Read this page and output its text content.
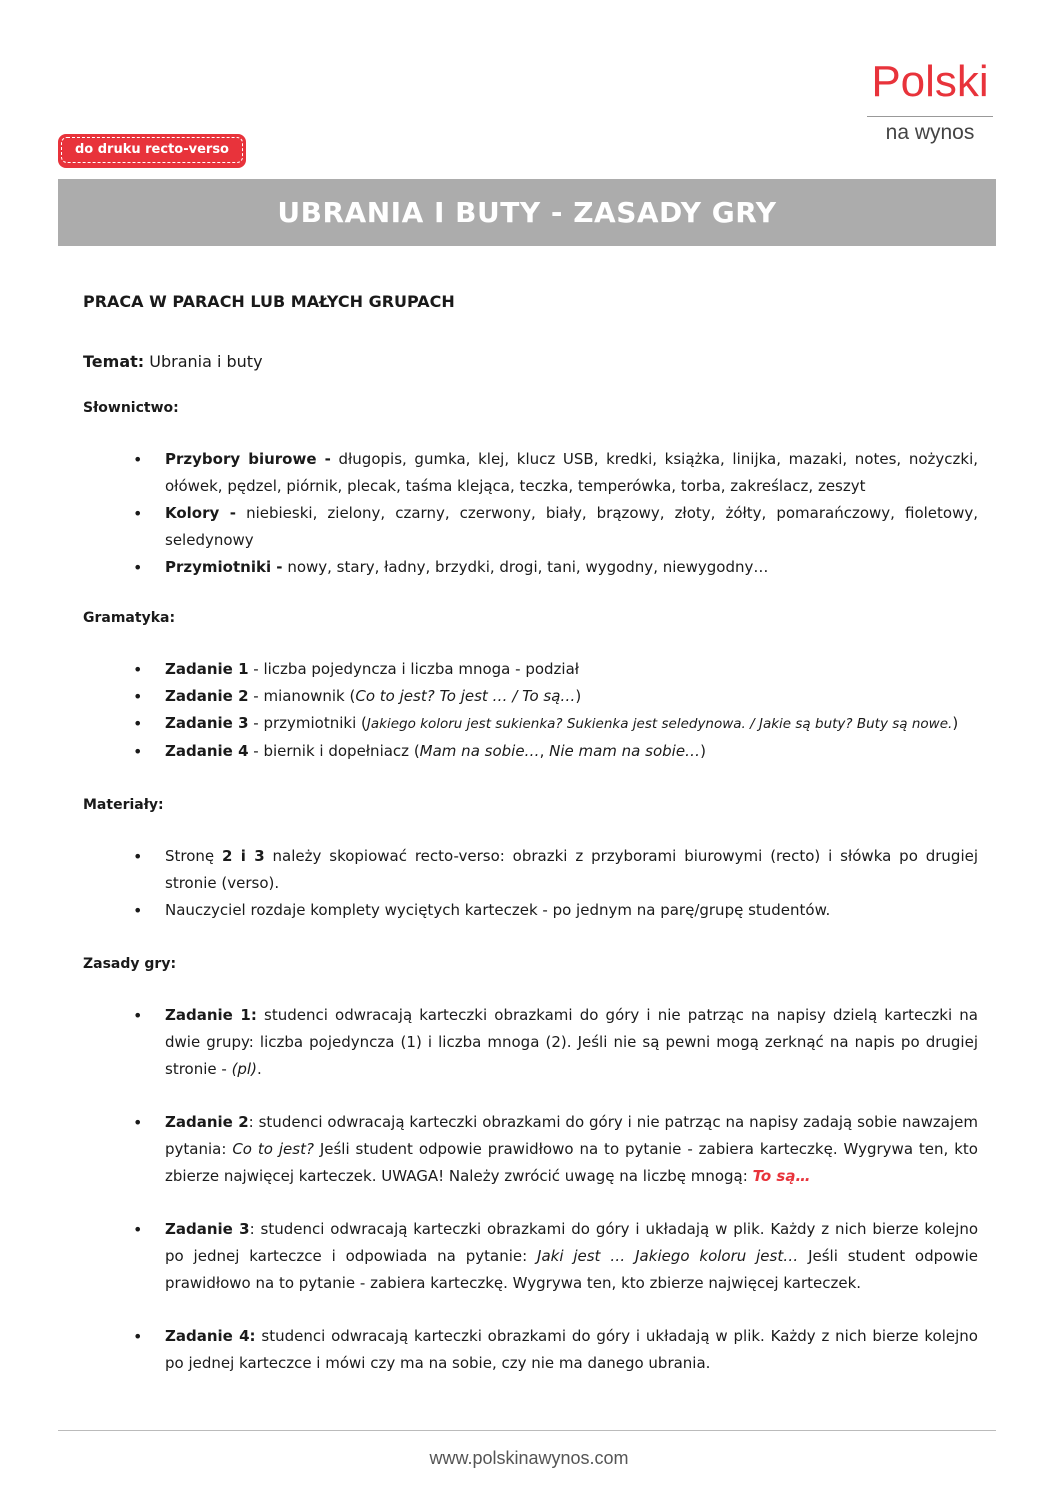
Polski
na wynos
do druku recto-verso
UBRANIA I BUTY - ZASADY GRY

PRACA W PARACH LUB MAŁYCH GRUPACH

Temat: Ubrania i buty

Słownictwo:

• Przybory biurowe - długopis, gumka, klej, klucz USB, kredki, książka, linijka, mazaki, notes, nożyczki, ołówek, pędzel, piórnik, plecak, taśma klejąca, teczka, temperówka, torba, zakreślacz, zeszyt
• Kolory - niebieski, zielony, czarny, czerwony, biały, brązowy, złoty, żółty, pomarańczowy, fioletowy, seledynowy
• Przymiotniki - nowy, stary, ładny, brzydki, drogi, tani, wygodny, niewygodny…

Gramatyka:

• Zadanie 1 - liczba pojedyncza i liczba mnoga - podział
• Zadanie 2 - mianownik (Co to jest? To jest … / To są…)
• Zadanie 3 - przymiotniki (Jakiego koloru jest sukienka? Sukienka jest seledynowa. / Jakie są buty? Buty są nowe.)
• Zadanie 4 - biernik i dopełniacz (Mam na sobie…, Nie mam na sobie…)

Materiały:

• Stronę 2 i 3 należy skopiować recto-verso: obrazki z przyborami biurowymi (recto) i słówka po drugiej stronie (verso).
• Nauczyciel rozdaje komplety wyciętych karteczek - po jednym na parę/grupę studentów.

Zasady gry:

• Zadanie 1: studenci odwracają karteczki obrazkami do góry i nie patrząc na napisy dzielą karteczki na dwie grupy: liczba pojedyncza (1) i liczba mnoga (2). Jeśli nie są pewni mogą zerknąć na napis po drugiej stronie - (pl).
• Zadanie 2: studenci odwracają karteczki obrazkami do góry i nie patrząc na napisy zadają sobie nawzajem pytania: Co to jest? Jeśli student odpowie prawidłowo na to pytanie - zabiera karteczkę. Wygrywa ten, kto zbierze najwięcej karteczek. UWAGA! Należy zwrócić uwagę na liczbę mnogą: To są…
• Zadanie 3: studenci odwracają karteczki obrazkami do góry i układają w plik. Każdy z nich bierze kolejno po jednej karteczce i odpowiada na pytanie: Jaki jest … Jakiego koloru jest… Jeśli student odpowie prawidłowo na to pytanie - zabiera karteczkę. Wygrywa ten, kto zbierze najwięcej karteczek.
• Zadanie 4: studenci odwracają karteczki obrazkami do góry i układają w plik. Każdy z nich bierze kolejno po jednej karteczce i mówi czy ma na sobie, czy nie ma danego ubrania.
www.polskinawynos.com
